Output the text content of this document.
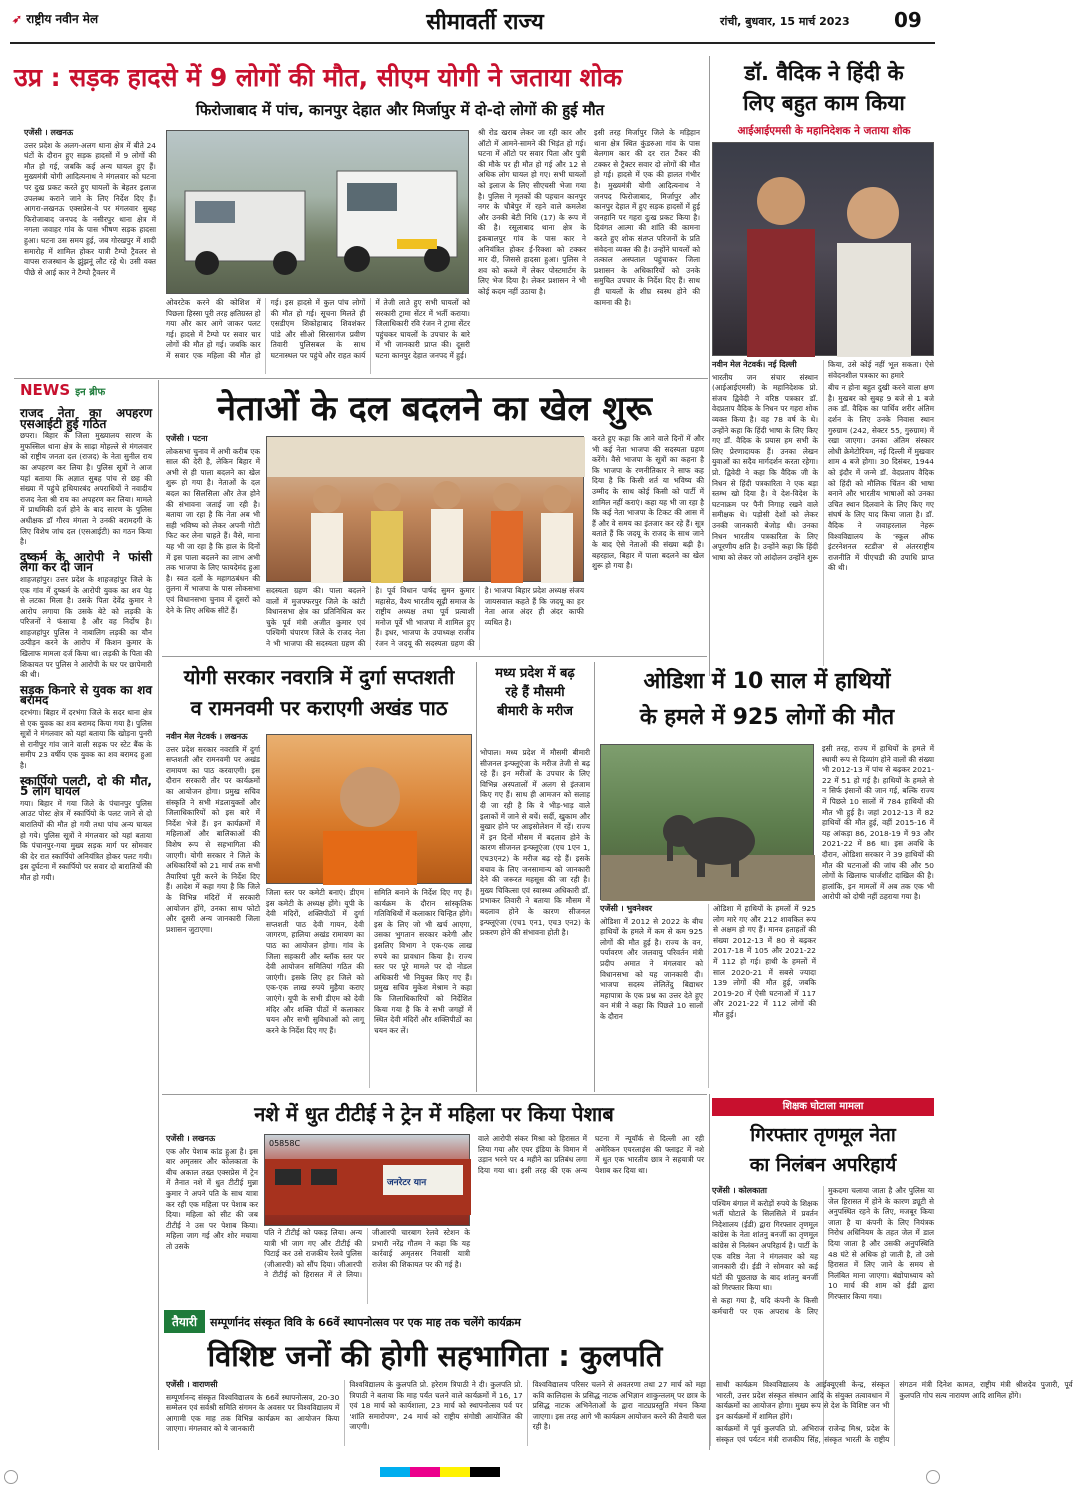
➶ राष्ट्रीय नवीन मेल	सीमावर्ती राज्य	रांची, बुधवार, 15 मार्च 2023	09
उप्र : सड़क हादसे में 9 लोगों की मौत, सीएम योगी ने जताया शोक
फिरोजाबाद में पांच, कानपुर देहात और मिर्जापुर में दो-दो लोगों की हुई मौत
एजेंसी । लखनऊ

उत्तर प्रदेश के अलग-अलग थाना क्षेत्र में बीते 24 घंटों के दौरान हुए सड़क हादसों में 9 लोगों की मौत हो गई, जबकि कई अन्य घायल हुए हैं। मुख्यमंत्री योगी आदित्यनाथ ने मंगलवार को घटना पर दुख प्रकट करते हुए घायलों के बेहतर इलाज उपलब्ध कराने जाने के लिए निर्देश दिए हैं। आगरा-लखनऊ एक्सप्रेस-वे पर मंगलवार सुबह फिरोजाबाद जनपद के नसीरपुर थाना क्षेत्र में नगला जवाहर गांव के पास भीषण सड़क हादसा हुआ। घटना उस समय हुई, जब गोरखपुर में शादी समारोह में शामिल होकर यात्री टैम्पो ट्रैवलर से वापस राजस्थान के झुंझनूं लौट रहे थे। उसी वक्त पीछे से आई कार ने टैम्पो ट्रैवलर में

ओवरटेक करने की कोशिश में पिछला हिस्सा पूरी तरह क्षतिग्रस्त हो गया और कार आगे जाकर पलट गई। हादसे में टैम्पो पर सवार चार लोगों की मौत हो गई। जबकि कार में सवार एक महिला की मौत हो गई। इस हादसे में कुल पांच लोगों की मौत हो गई। सूचना मिलते ही एसडीएम शिकोहाबाद शिवशंकर पांडे और सीओ सिरसागंज प्रवीण तिवारी पुलिसबल के साथ घटनास्थल पर पहुंचे और राहत कार्य में तेजी लाते हुए सभी घायलों को सरकारी ट्रामा सेंटर में भर्ती कराया। जिलाधिकारी रवि रंजन ने ट्रामा सेंटर पहुंचकर घायलों के उपचार के बारे में भी जानकारी प्राप्त की। दूसरी घटना कानपुर देहात जनपद में हुई।

श्री रोड खराब लेकर जा रही कार और ऑटो में आमने-सामने की भिड़ंत हो गई। घटना में ऑटो पर सवार पिता और पुत्री की मौके पर ही मौत हो गई और 12 से अधिक लोग घायल हो गए। सभी घायलों को इलाज के लिए सीएचसी भेजा गया है। पुलिस ने मृतकों की पहचान कानपुर नगर के चौबेपुर में रहने वाले कमलेश और उनकी बेटी निधि (17) के रूप में की है। रसूलाबाद थाना क्षेत्र के इकबालपुर गांव के पास कार ने अनियंत्रित होकर ई-रिक्शा को टक्कर मार दी, जिससे हादसा हुआ। पुलिस ने शव को कब्जे में लेकर पोस्टमार्टम के लिए भेज दिया है। लेकर प्रशासन ने भी कोई कदम नहीं उठाया है।

इसी तरह मिर्जापुर जिले के मड़िहान थाना क्षेत्र स्थित कुंडरुआ गांव के पास बेलगाम कार की दर रात टैंकर की टक्कर से ट्रैक्टर सवार दो लोगों की मौत हो गई। हादसे में एक की हालत गंभीर है। मुख्यमंत्री योगी आदित्यनाथ ने जनपद फिरोजाबाद, मिर्जापुर और कानपुर देहात में हुए सड़क हादसों में हुई जनहानि पर गहरा दुःख प्रकट किया है। दिवंगत आत्मा की शांति की कामना करते हुए शोक संतप्त परिजनों के प्रति संवेदना व्यक्त की है। उन्होंने घायलों को तत्काल अस्पताल पहुंचाकर जिला प्रशासन के अधिकारियों को उनके समुचित उपचार के निर्देश दिए हैं। साथ ही घायलों के शीघ्र स्वस्थ होने की कामना की है।

डॉ. वैदिक ने हिंदी के
लिए बहुत काम किया
आईआईएमसी के महानिदेशक ने जताया शोक
नवीन मेल नेटवर्क। नई दिल्ली

भारतीय जन संचार संस्थान (आईआईएमसी) के महानिदेशक प्रो. संजय द्विवेदी ने वरिष्ठ पत्रकार डॉ. वेदप्रताप वैदिक के निधन पर गहरा शोक व्यक्त किया है। वह 78 वर्ष के थे। उन्होंने कहा कि हिंदी भाषा के लिए किए गए डॉ. वैदिक के प्रयास हम सभी के लिए प्रेरणादायक हैं। उनका लेखन युवाओं का सदैव मार्गदर्शन करता रहेगा। प्रो. द्विवेदी ने कहा कि वैदिक जी के निधन से हिंदी पत्रकारिता ने एक बड़ा स्तम्भ खो दिया है। वे देश-विदेश के घटनाक्रम पर पैनी निगाह रखने वाले समीक्षक थे। पड़ोसी देशों को लेकर उनकी जानकारी बेजोड़ थी। उनका निधन भारतीय पत्रकारिता के लिए अपूरणीय क्षति है। उन्होंने कहा कि हिंदी भाषा को लेकर जो आंदोलन उन्होंने शुरू किया, उसे कोई नहीं भूल सकता। ऐसे संवेदनशील पत्रकार का हमारे

बीच न होना बहुत दुखी करने वाला क्षण है। मुखबर को सुबह 9 बजे से 1 बजे तक डॉ. वैदिक का पार्थिव शरीर अंतिम दर्शन के लिए उनके निवास स्थान गुरुग्राम (242, सेक्टर 55, गुरुग्राम) में रखा जाएगा। उनका अंतिम संस्कार लोधी क्रेमेटोरियम, नई दिल्ली में मुखवार शाम 4 बजे होगा। 30 दिसंबर, 1944 को इंदौर में जन्मे डॉ. वेदप्रताप वैदिक को हिंदी को मौलिक चिंतन की भाषा बनाने और भारतीय भाषाओं को उनका उचित स्थान दिलवाने के लिए किए गए संघर्ष के लिए याद किया जाता है। डॉ. वैदिक ने जवाहरलाल नेहरू विश्वविद्यालय के 'स्कूल ऑफ इंटरनेशनल स्टडीज' से अंतरराष्ट्रीय राजनीति में पीएचडी की उपाधि प्राप्त की थी।

NEWS इन ब्रीफ
राजद नेता का अपहरण एसआईटी हुई गठित

छपरा। बिहार के जिला मुख्यालय सारण के मुफस्सिल थाना क्षेत्र के साढ़ा मोहल्ले से मंगलवार को राष्ट्रीय जनता दल (राजद) के नेता सुनील राय का अपहरण कर लिया है। पुलिस सूत्रों ने आज यहां बताया कि अज्ञात सुबह पांच से छह की संख्या में पहुंचे हथियारबंद अपराधियों ने नवादीय राजद नेता श्री राय का अपहरण कर लिया। मामले में प्राथमिकी दर्ज होने के बाद सारण के पुलिस अधीक्षक डॉ गौरव मंगला ने उनकी बरामदगी के लिए विशेष जांच दल (एसआईटी) का गठन किया है।

दुष्कर्म के आरोपी ने फांसी लगा कर दी जान

शाहजहांपुर। उत्तर प्रदेश के शाहजहांपुर जिले के एक गांव में दुष्कर्म के आरोपी युवक का शव पेड़ से लटका मिला है। उसके पिता देवेंद्र कुमार ने आरोप लगाया कि उसके बेटे को लड़की के परिजनों ने फंसाया है और वह निर्दोष है। शाहजहांपुर पुलिस ने नाबालिग लड़की का यौन उत्पीड़न करने के आरोप में किशन कुमार के खिलाफ मामला दर्ज किया था। लड़की के पिता की शिकायत पर पुलिस ने आरोपी के घर पर छापेमारी की थी।

सड़क किनारे से युवक का शव बरामद

दरभंगा। बिहार में दरभंगा जिले के सदर थाना क्षेत्र से एक युवक का शव बरामद किया गया है। पुलिस सूत्रों ने मंगलवार को यहां बताया कि खोड़ना पुनरी से रानीपुर गांव जाने वाली सड़क पर स्टेट बैंक के समीप 23 वर्षीय एक युवक का शव बरामद हुआ है।

स्कार्पियो पलटी, दो की मौत, 5 लोग घायल

गया। बिहार में गया जिले के पंचानपुर पुलिस आउट पोस्ट क्षेत्र में स्कार्पियो के पलट जाने से दो बारातियों की मौत हो गयी तथा पांच अन्य घायल हो गये। पुलिस सूत्रों ने मंगलवार को यहां बताया कि पंचानपुर-गया मुख्य सड़क मार्ग पर सोमवार की देर रात स्कार्पियो अनियंत्रित होकर पलट गयी। इस दुर्घटना में स्कार्पियो पर सवार दो बारातियों की मौत हो गयी।

नेताओं के दल बदलने का खेल शुरू
एजेंसी । पटना

लोकसभा चुनाव में अभी करीब एक साल की देरी है, लेकिन बिहार में अभी से ही पाला बदलने का खेल शुरू हो गया है। नेताओं के दल बदल का सिलसिला और तेज होने की संभावना जताई जा रही है। बताया जा रहा है कि नेता अब भी सही भविष्य को लेकर अपनी गोटी फिट कर लेना चाहते हैं। वैसे, माना यह भी जा रहा है कि हाल के दिनों में इस पाला बदलने का लाभ अभी तक भाजपा के लिए फायदेमंद हुआ है। स्वत दलों के महागठबंधन की तुलना में भाजपा के पास लोकसभा एवं विधानसभा चुनाव में दूसरों को देने के लिए अधिक सीटें हैं।

सदस्यता ग्रहण की। पाला बदलने वालों में मुजफ्फरपुर जिले के कांटी विधानसभा क्षेत्र का प्रतिनिधित्व कर चुके पूर्व मंत्री अजीत कुमार एवं पश्चिमी चंपारण जिले के राजद नेता ने भी भाजपा की सदस्यता ग्रहण की है। पूर्व विधान पार्षद सुमन कुमार महासेठ, वैश्य भारतीय सूढ़ी समाज के राष्ट्रीय अध्यक्ष तथा पूर्व प्रत्याशी मनोज पूर्वे भी भाजपा में शामिल हुए हैं। इधर, भाजपा के उपाध्यक्ष राजीव रंजन ने जदयू की सदस्यता ग्रहण की है। भाजपा बिहार प्रदेश अध्यक्ष संजय जायसवाल कहते हैं कि जदयू का हर नेता आज अंदर ही अंदर काफी व्यथित है।

करते हुए कहा कि आने वाले दिनों में और भी कई नेता भाजपा की सदस्यता ग्रहण करेंगे। वैसे भाजपा के सूत्रों का कहना है कि भाजपा के रणनीतिकार ने साफ कह दिया है कि किसी शर्त या भविष्य की उम्मीद के साथ कोई किसी को पार्टी में शामिल नहीं कराएं। कहा यह भी जा रहा है कि कई नेता भाजपा के टिकट की आस में हैं और वे समय का इंतजार कर रहे हैं। सूत्र बताते हैं कि जदयू के राजद के साथ जाने के बाद ऐसे नेताओं की संख्या बढ़ी है। बहरहाल, बिहार में पाला बदलने का खेल शुरू हो गया है।

योगी सरकार नवरात्रि में दुर्गा सप्तशती
व रामनवमी पर कराएगी अखंड पाठ
नवीन मेल नेटवर्क । लखनऊ

उत्तर प्रदेश सरकार नवरात्रि में दुर्गा सप्तशती और रामनवमी पर अखंड रामायण का पाठ करवाएगी। इस दौरान सरकारी तौर पर कार्यक्रमों का आयोजन होगा। प्रमुख सचिव संस्कृति ने सभी मंडलायुक्तों और जिलाधिकारियों को इस बारे में निर्देश भेजे हैं। इन कार्यक्रमों में महिलाओं और बालिकाओं की विशेष रूप से सहभागिता की जाएगी। योगी सरकार ने जिले के अधिकारियों को 21 मार्च तक सभी तैयारियां पूरी करने के निर्देश दिए हैं। आदेश में कहा गया है कि जिले के विभिन्न मंदिरों में सरकारी आयोजन होंगे, उनका साथ फोटो और दूसरी अन्य जानकारी जिला प्रशासन जुटाएगा।

जिला स्तर पर कमेटी बनाएं। डीएम इस कमेटी के अध्यक्ष होंगे। यूपी के देवी मंदिरों, शक्तिपीठों में दुर्गा सप्तशती पाठ देवी गायन, देवी जागरण, हालिया अखंड रामायण का पाठ का आयोजन होगा। गांव के जिला सहकारी और ब्लॉक स्तर पर देवी आयोजन समितियां गठित की जाएंगी। इसके लिए हर जिले को एक-एक लाख रुपये मुहैया कराए जाएंगे। यूपी के सभी डीएम को देवी मंदिर और शक्ति पीठों में कलाकार चयन और सभी सुविधाओं को लागू करने के निर्देश दिए गए हैं।

समिति बनाने के निर्देश दिए गए हैं। कार्यक्रम के दौरान सांस्कृतिक गतिविधियों में कलाकार चिन्हित होंगे। इस के लिए जो भी खर्च आएगा, उसका भुगतान सरकार करेगी और इसलिए विभाग ने एक-एक लाख रुपये का प्रावधान किया है। राज्य स्तर पर पूरे मामले पर दो नोडल अधिकारी भी नियुक्त किए गए हैं। प्रमुख सचिव मुकेश मेश्राम ने कहा कि जिलाधिकारियों को निर्देशित किया गया है कि वे सभी जगहों में स्थित देवी मंदिरों और शक्तिपीठों का चयन कर लें।

मध्य प्रदेश में बढ़
रहे हैं मौसमी
बीमारी के मरीज

भोपाल। मध्य प्रदेश में मौसमी बीमारी सीजनल इन्फ्लूएंजा के मरीज तेजी से बढ़ रहे हैं। इन मरीजों के उपचार के लिए विभिन्न अस्पतालों में अलग से इंतजाम किए गए हैं। साथ ही आमजन को सलाह दी जा रही है कि वे भीड़-भाड़ वाले इलाकों में जाने से बचें। सर्दी, खुकाम और बुखार होने पर आइसोलेशन में रहें। राज्य में इन दिनों मौसम में बदलाव होने के कारण सीजनल इन्फ्लूएंजा (एच 1एन 1, एच3एन2) के मरीज बढ़ रहे हैं। इसके बचाव के लिए जनसामान्य को जानकारी देने की जरूरत महसूस की जा रही है। मुख्य चिकित्सा एवं स्वास्थ्य अधिकारी डॉ. प्रभाकर तिवारी ने बताया कि मौसम में बदलाव होने के कारण सीजनल इन्फ्लूएंजा (एच1 एन1, एच3 एन2) के प्रकरण होने की संभावना होती है।

ओडिशा में 10 साल में हाथियों
के हमले में 925 लोगों की मौत
एजेंसी । भुवनेश्वर

ओडिशा में 2012 से 2022 के बीच हाथियों के हमले में कम से कम 925 लोगों की मौत हुई है। राज्य के वन, पर्यावरण और जलवायु परिवर्तन मंत्री प्रदीप अमात ने मंगलवार को विधानसभा को यह जानकारी दी। भाजपा सदस्य लेलितेंदु बिद्याधर महापात्रा के एक प्रश्न का उत्तर देते हुए वन मंत्री ने कहा कि पिछले 10 सालों के दौरान

ओडिशा में हाथियों के हमलों में 925 लोग मारे गए और 212 शावकित रूप से अक्षम हो गए हैं। मानव हताहतों की संख्या 2012-13 में 80 से बढ़कर 2017-18 में 105 और 2021-22 में 112 हो गई। हाथी के हमलों में साल 2020-21 में सबसे ज्यादा 139 लोगों की मौत हुई, जबकि 2019-20 में ऐसी घटनाओं में 117 और 2021-22 में 112 लोगों की मौत हुई।

इसी तरह, राज्य में हाथियों के हमले में स्थायी रूप से दिव्यांग होने वालों की संख्या भी 2012-13 में पांच से बढ़कर 2021-22 में 51 हो गई है। हाथियों के हमले से न सिर्फ इंसानों की जान गई, बल्कि राज्य में पिछले 10 सालों में 784 हाथियों की मौत भी हुई है। जहां 2012-13 में 82 हाथियों की मौत हुई, वहीं 2015-16 में यह आंकड़ा 86, 2018-19 में 93 और 2021-22 में 86 था। इस अवधि के दौरान, ओडिशा सरकार ने 39 हाथियों की मौत की घटनाओं की जांच की और 50 लोगों के खिलाफ चार्जशीट दाखिल की है। हालांकि, इन मामलों में अब तक एक भी आरोपी को दोषी नहीं ठहराया गया है।

नशे में धुत टीटीई ने ट्रेन में महिला पर किया पेशाब
एजेंसी । लखनऊ

एक और पेशाब कांड हुआ है। इस बार अमृतसर और कोलकाता के बीच अकाल तख्त एक्सप्रेस में ट्रेन में तैनात नशे में धुत टीटीई मुन्ना कुमार ने अपने पति के साथ यात्रा कर रही एक महिला पर पेशाब कर दिया। महिला को सीट की जब टीटीई ने उस पर पेशाब किया। महिला जाग गई और शोर मचाया तो उसके

05858C
जनरेटर यान

पति ने टीटीई को पकड़ लिया। अन्य यात्री भी जाग गए और टीटीई की पिटाई कर उसे राजकीय रेलवे पुलिस (जीआरपी) को सौंप दिया। जीआरपी ने टीटीई को हिरासत में ले लिया। जीआरपी चारबाग रेलवे स्टेशन के प्रभारी नरेंद्र गौतम ने कहा कि यह कार्रवाई अमृतसर निवासी यात्री राजेश की शिकायत पर की गई है।

वाले आरोपी संकर मिश्रा को हिरासत में लिया गया और एयर इंडिया के विमान में उड़ान भरने पर 4 महीने का प्रतिबंध लगा दिया गया था। इसी तरह की एक अन्य घटना में न्यूयॉर्क से दिल्ली आ रही अमेरिकन एयरलाइंस की फ्लाइट में नशे में धुत एक भारतीय छात्र ने सहयात्री पर पेशाब कर दिया था।

शिक्षक घोटाला मामला
गिरफ्तार तृणमूल नेता
का निलंबन अपरिहार्य
एजेंसी । कोलकाता

पश्चिम बंगाल में करोड़ों रुपये के शिक्षक भर्ती घोटाले के सिलसिले में प्रवर्तन निदेशालय (ईडी) द्वारा गिरफ्तार तृणमूल कांग्रेस के नेता शांतनु बनर्जी का तृणमूल कांग्रेस से निलंबन अपरिहार्य है। पार्टी के एक वरिष्ठ नेता ने मंगलवार को यह जानकारी दी। ईडी ने सोमवार को कई घंटों की पूछताछ के बाद शांतनु बनर्जी को गिरफ्तार किया था।

से कहा गया है, यदि कंपनी के किसी कर्मचारी पर एक अपराध के लिए मुकदमा चलाया जाता है और पुलिस या जेल हिरासत में होने के कारण ड्यूटी से अनुपस्थित रहने के लिए, मजबूर किया जाता है या कंपनी के लिए नियंत्रक निरोध अधिनियम के तहत जेल में डाल दिया जाता है और उसकी अनुपस्थिति 48 घंटे से अधिक हो जाती है, तो उसे हिरासत में लिए जाने के समय से निलंबित माना जाएगा। बंद्योपाध्याय को 10 मार्च की शाम को ईडी द्वारा गिरफ्तार किया गया।

तैयारी सम्पूर्णानंद संस्कृत विवि के 66वें स्थापनोत्सव पर एक माह तक चलेंगे कार्यक्रम
विशिष्ट जनों की होगी सहभागिता : कुलपति
एजेंसी । वाराणसी

सम्पूर्णानन्द संस्कृत विश्वविद्यालय के 66वें स्थापनोत्सव, 20-30 सम्मेलन एवं सर्वश्री समिति संगमन के अवसर पर विश्वविद्यालय में आगामी एक माह तक विभिन्न कार्यक्रम का आयोजन किया जाएगा। मंगलवार को ये जानकारी

विश्वविद्यालय के कुलपति प्रो. हरेराम त्रिपाठी ने दी। कुलपति प्रो. त्रिपाठी ने बताया कि माह पर्यंत चलने वाले कार्यक्रमों में 16, 17 एवं 18 मार्च को कार्यशाला, 23 मार्च को स्थापनोत्सव पर्व पर 'शांति समारोपण', 24 मार्च को राष्ट्रीय संगोष्ठी आयोजित की जाएगी।

विश्वविद्यालय परिसर चलने से अवतरणा तथा 27 मार्च को महा कवि कालिदास के प्रसिद्ध नाटक अभिज्ञान शाकुन्तलम् पर छात्र के प्रसिद्ध नाटक अभिनेताओं के द्वारा नाट्यप्रस्तुति मंचन किया जाएगा। इस तरह आगे भी कार्यक्रम आयोजन करने की तैयारी चल रही है।

साथी कार्यक्रम विश्वविद्यालय के आईक्यूएसी केन्द्र, संस्कृत भारती, उत्तर प्रदेश संस्कृत संस्थान आदि के संयुक्त तत्वावधान में कार्यक्रमों का आयोजन होगा। मुख्य रूप से देश के विशिष्ट जन भी इन कार्यक्रमों में शामिल होंगे।

कार्यक्रमों में पूर्व कुलपति प्रो. अभिराज राजेन्द्र मिश्र, प्रदेश के संस्कृत एवं पर्यटन मंत्री राजकीय सिंह, संस्कृत भारती के राष्ट्रीय संगठन मंत्री दिनेश कामत, राष्ट्रीय मंत्री श्रीशदेव पुजारी, पूर्व कुलपति गोप सत्य नारायण आदि शामिल होंगे।
